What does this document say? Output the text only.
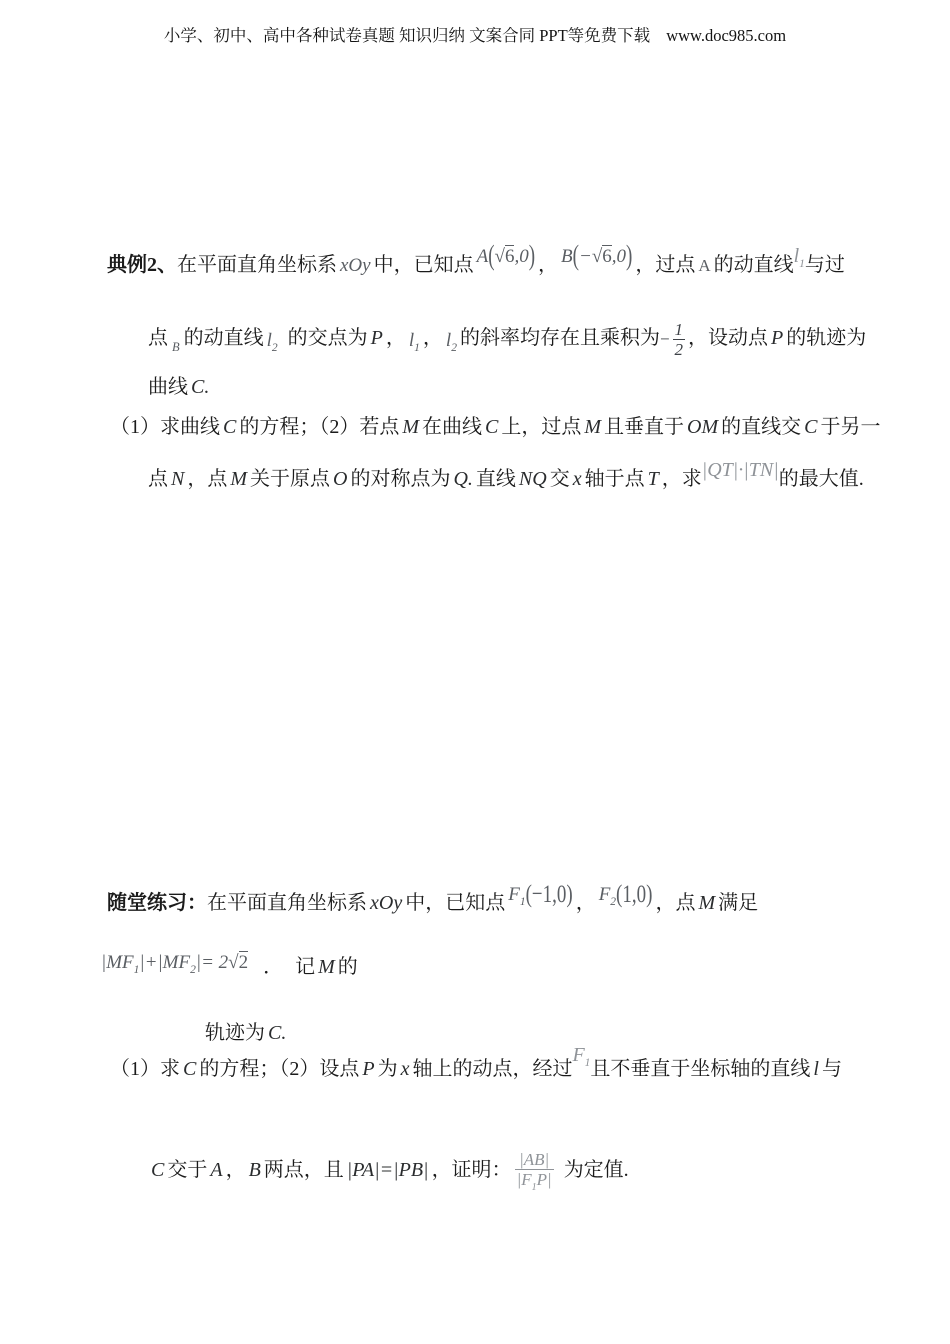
小学、初中、高中各种试卷真题 知识归纳 文案合同 PPT等免费下载 www.doc985.com
典例2、在平面直角坐标系 xOy 中，已知点 A(√6,0) ， B(−√6,0) ，过点 A 的动直线$l_1$与过
点 $_B$ 的动直线 $l_2$ 的交点为 P ， $l_1$ ， $l_2$ 的斜率均存在且乘积为− $\frac{1}{2}$ ，设动点 P 的轨迹为
曲线 C.
（1）求曲线 C 的方程；（2）若点 M 在曲线 C 上，过点 M 且垂直于 OM 的直线交 C 于另一
点 N ，点 M 关于原点 O 的对称点为 Q. 直线 NQ 交 x 轴于点 T ，求|QT|·|TN|的最大值.
随堂练习：在平面直角坐标系 xOy 中，已知点 $F_1(-1,0)$ ， $F_2(1,0)$ ，点 M 满足
$|MF_1|+|MF_2|= 2√2$ ． 记 M 的
轨迹为 C.
（1）求 C 的方程；（2）设点 P 为 x 轴上的动点，经过$F_1$且不垂直于坐标轴的直线 l 与
C 交于 A ， B 两点，且 |PA|=|PB| ，证明： $\frac{|AB|}{|F_1P|}$ 为定值.
